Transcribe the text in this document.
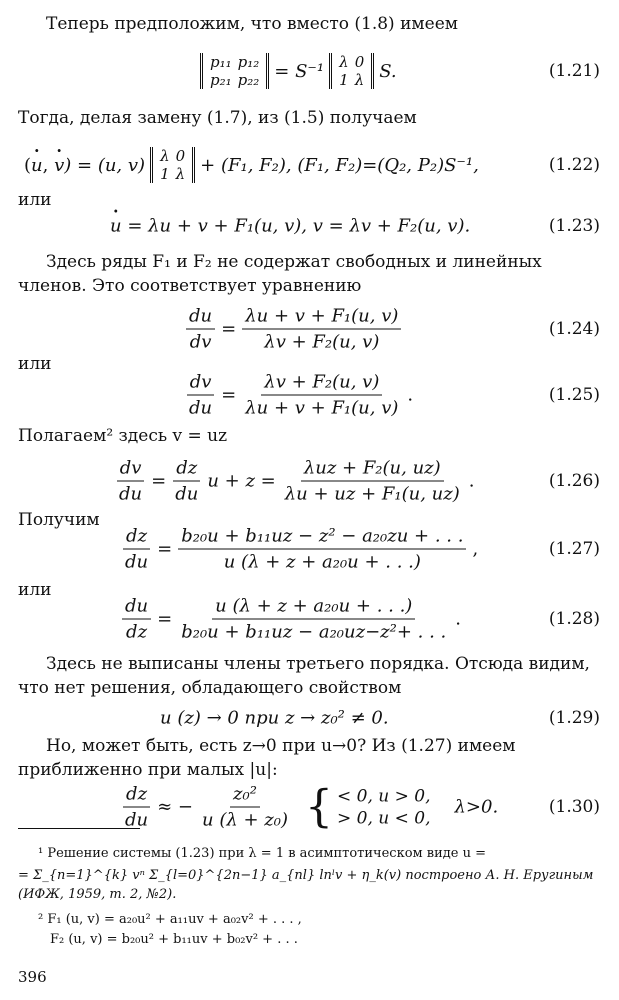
Теперь предположим, что вместо (1.8) имеем
p₁₁	p₁₂
p₂₁	p₂₂ = S⁻¹ λ	0
1	λ S.	(1.21)
Тогда, делая замену (1.7), из (1.5) получаем
( · u ,
· v ) = (u, v) λ	0
1	λ + (F₁, F₂), (F₁, F₂)=(Q₂, P₂)S⁻¹,	(1.22)
или
· u
= λu + v + F₁(u, v), v = λv + F₂(u, v).	(1.23)
Здесь ряды F₁ и F₂ не содержат свободных и линейных членов. Это соответствует уравнению
$\frac{du}{dv} = \frac{\text{λu + v + F₁(u, v)}}{\text{λv + F₂(u, v)}}$	(1.24)
или
$\frac{dv}{du} = \frac{\text{λv + F₂(u, v)}}{\text{λu + v + F₁(u, v)}}$ .	(1.25)
Полагаем² здесь v = uz
$\frac{dv}{du} = \frac{dz}{du}$ $u + z = \frac{\text{λuz + F₂(u, uz)}}{\text{λu + uz + F₁(u, uz)}}$ .	(1.26)
Получим
$\frac{dz}{du} = \frac{\text{b₂₀u + b₁₁uz − z² − a₂₀zu + . . .}}{\text{u (λ + z + a₂₀u + . . .)}}$ ,	(1.27)
или
$\frac{du}{dz} = \frac{\text{u (λ + z + a₂₀u + . . .)}}{\text{b₂₀u + b₁₁uz − a₂₀uz−z²+ . . .}}$ .	(1.28)
Здесь не выписаны члены третьего порядка. Отсюда видим, что нет решения, обладающего свойством
u (z) → 0 при z → z₀² ≠ 0.	(1.29)
Но, может быть, есть z→0 при u→0? Из (1.27) имеем приближенно при малых |u|:
$\frac{dz}{du}$ ≈ − $\frac{\text{z₀²}}{\text{u (λ + z₀)}}$ { < 0, u > 0,
> 0, u < 0,
λ>0.	(1.30)
¹ Решение системы (1.23) при λ = 1 в асимптотическом виде u =
= Σ_{n=1}^{k} vⁿ Σ_{l=0}^{2n−1} a_{nl} lnˡv + η_k(v) построено А. Н. Еругиным (ИФЖ, 1959, т. 2, №2).
² F₁ (u, v) = a₂₀u² + a₁₁uv + a₀₂v² + . . . ,
F₂ (u, v) = b₂₀u² + b₁₁uv + b₀₂v² + . . .
396
